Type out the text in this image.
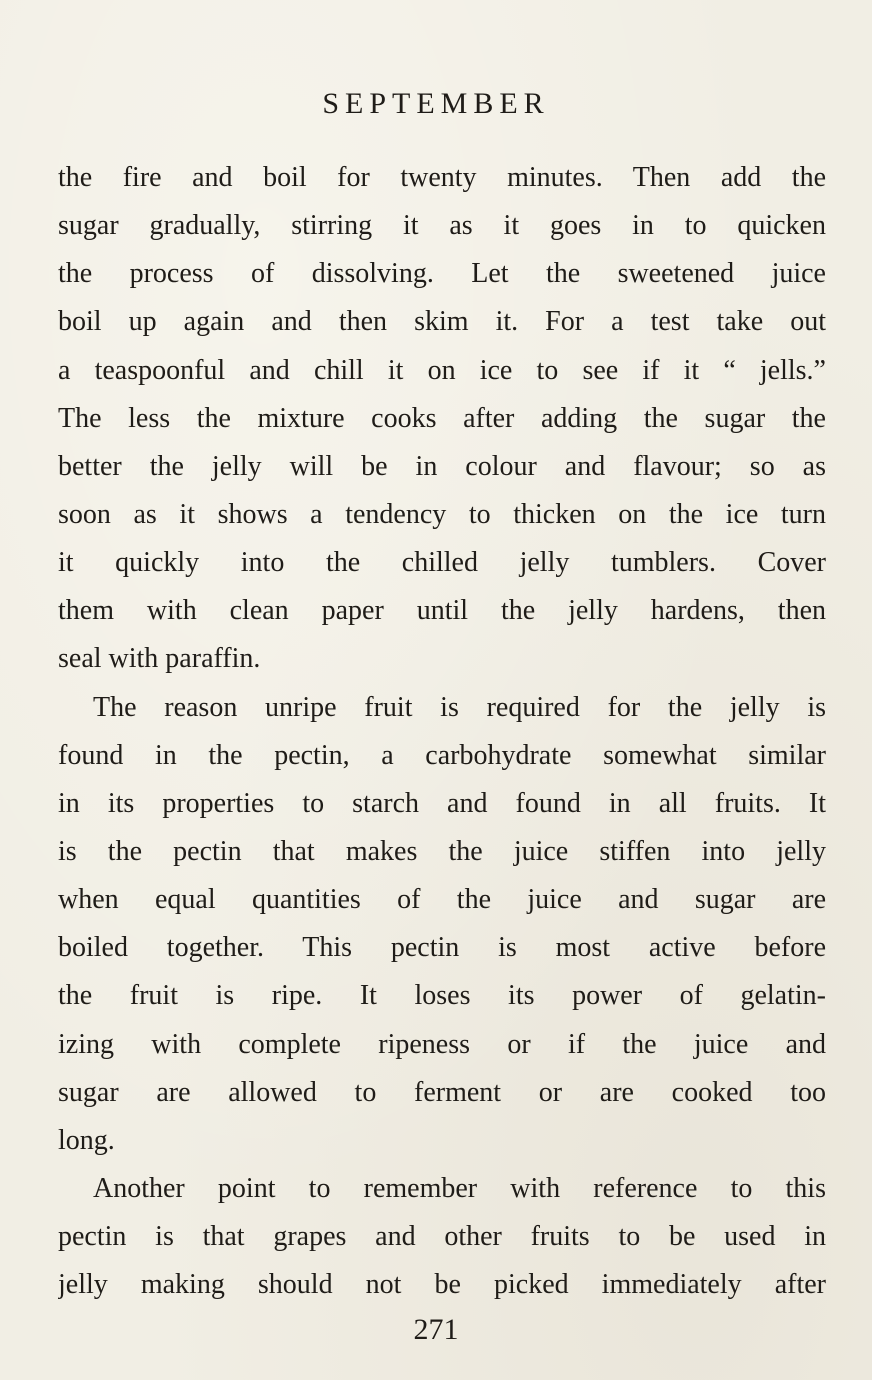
SEPTEMBER
the fire and boil for twenty minutes. Then add the
sugar gradually, stirring it as it goes in to quicken
the process of dissolving. Let the sweetened juice
boil up again and then skim it. For a test take out
a teaspoonful and chill it on ice to see if it “ jells.”
The less the mixture cooks after adding the sugar the
better the jelly will be in colour and flavour; so as
soon as it shows a tendency to thicken on the ice turn
it quickly into the chilled jelly tumblers. Cover
them with clean paper until the jelly hardens, then
seal with paraffin.
The reason unripe fruit is required for the jelly is
found in the pectin, a carbohydrate somewhat similar
in its properties to starch and found in all fruits. It
is the pectin that makes the juice stiffen into jelly
when equal quantities of the juice and sugar are
boiled together. This pectin is most active before
the fruit is ripe. It loses its power of gelatin-
izing with complete ripeness or if the juice and
sugar are allowed to ferment or are cooked too
long.
Another point to remember with reference to this
pectin is that grapes and other fruits to be used in
jelly making should not be picked immediately after
271
